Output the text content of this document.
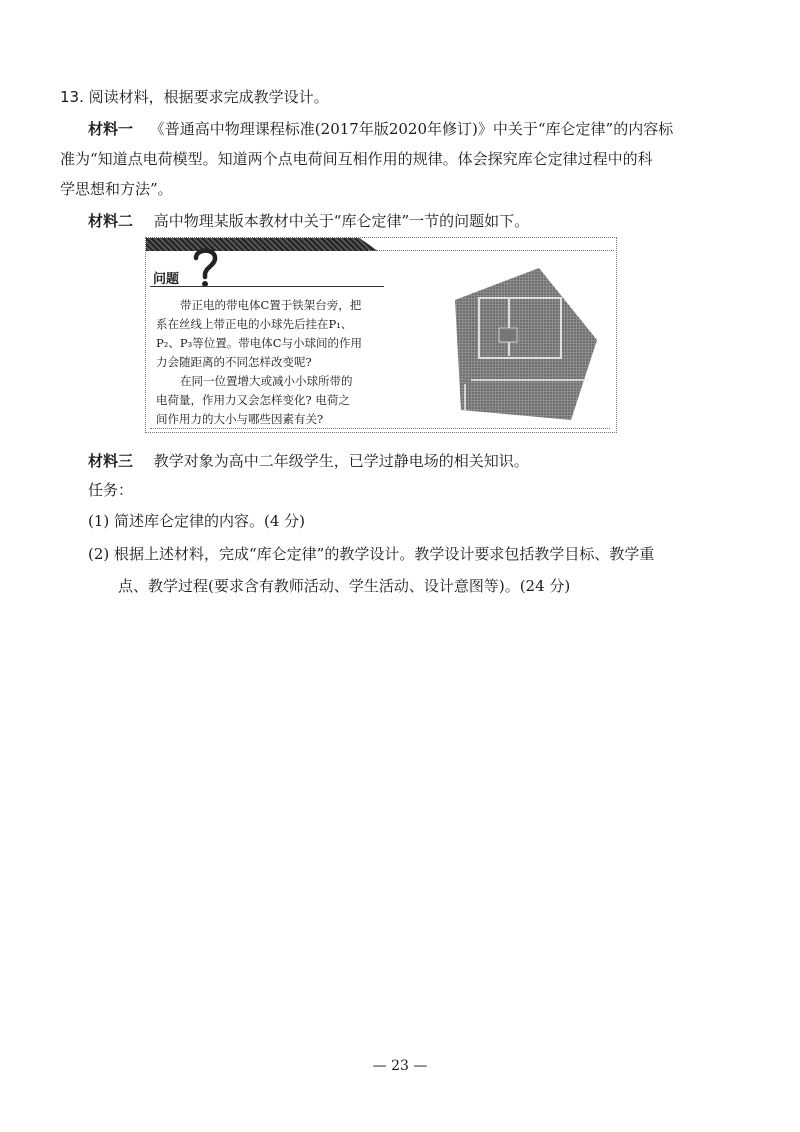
13. 阅读材料，根据要求完成教学设计。
材料一 《普通高中物理课程标准(2017年版2020年修订)》中关于“库仑定律”的内容标
准为“知道点电荷模型。知道两个点电荷间互相作用的规律。体会探究库仑定律过程中的科
学思想和方法”。
材料二 高中物理某版本教材中关于“库仑定律”一节的问题如下。
问题
带正电的带电体C置于铁架台旁，把
系在丝线上带正电的小球先后挂在P₁、
P₂、P₃等位置。带电体C与小球间的作用
力会随距离的不同怎样改变呢?
在同一位置增大或减小小球所带的
电荷量，作用力又会怎样变化? 电荷之
间作用力的大小与哪些因素有关?
材料三 教学对象为高中二年级学生，已学过静电场的相关知识。
任务：
(1) 简述库仑定律的内容。(4 分)
(2) 根据上述材料，完成“库仑定律”的教学设计。教学设计要求包括教学目标、教学重
点、教学过程(要求含有教师活动、学生活动、设计意图等)。(24 分)
— 23 —
